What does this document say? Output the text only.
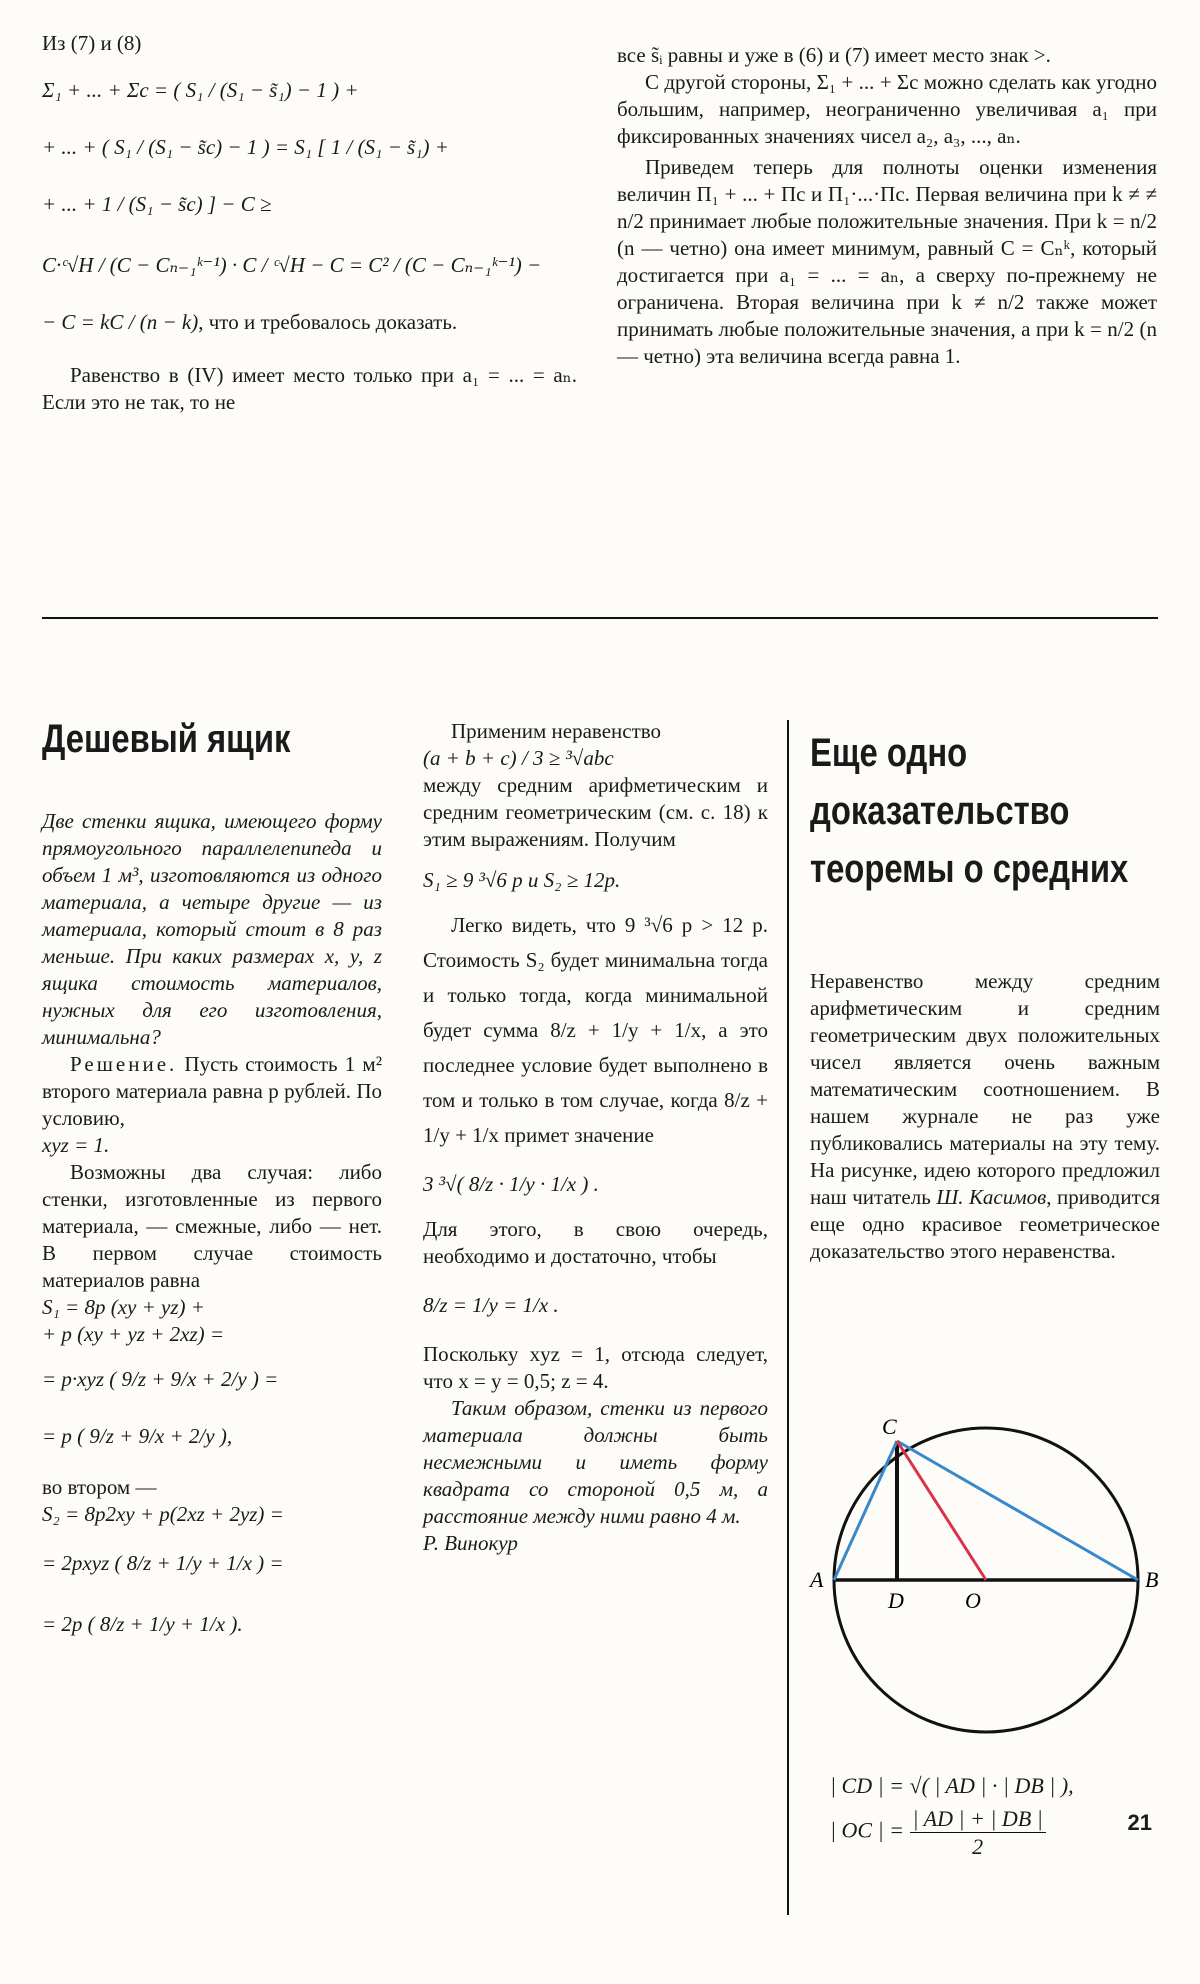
Из (7) и (8)

Σ₁ + ... + Σc = ( S₁ / (S₁ − s̃₁) − 1 ) +

+ ... + ( S₁ / (S₁ − s̃c) − 1 ) = S₁ [ 1 / (S₁ − s̃₁) +

+ ... + 1 / (S₁ − s̃c) ] − C ≥

C·ᶜ√H / (C − Cₙ₋₁ᵏ⁻¹) · C / ᶜ√H − C = C² / (C − Cₙ₋₁ᵏ⁻¹) −

− C = kC / (n − k), что и требовалось доказать.

Равенство в (IV) имеет место только при a₁ = ... = aₙ. Если это не так, то не

все s̃ᵢ равны и уже в (6) и (7) имеет место знак >.

С другой стороны, Σ₁ + ... + Σc можно сделать как угодно большим, например, неограниченно увеличивая a₁ при фиксированных значениях чисел a₂, a₃, ..., aₙ.

Приведем теперь для полноты оценки изменения величин П₁ + ... + Пc и П₁·...·Пc. Первая величина при k ≠ ≠ n/2 принимает любые положительные значения. При k = n/2 (n — четно) она имеет минимум, равный C = Cₙᵏ, который достигается при a₁ = ... = aₙ, а сверху по-прежнему не ограничена. Вторая величина при k ≠ n/2 также может принимать любые положительные значения, а при k = n/2 (n — четно) эта величина всегда равна 1.

Дешевый ящик

Две стенки ящика, имеющего форму прямоугольного параллелепипеда и объем 1 м³, изготовляются из одного материала, а четыре другие — из материала, который стоит в 8 раз меньше. При каких размерах x, y, z ящика стоимость материалов, нужных для его изготовления, минимальна?

Решение. Пусть стоимость 1 м² второго материала равна p рублей. По условию,

xyz = 1.

Возможны два случая: либо стенки, изготовленные из первого материала, — смежные, либо — нет. В первом случае стоимость материалов равна

S₁ = 8p (xy + yz) +

+ p (xy + yz + 2xz) =

= p·xyz ( 9/z + 9/x + 2/y ) =

= p ( 9/z + 9/x + 2/y ),

во втором —

S₂ = 8p2xy + p(2xz + 2yz) =

= 2pxyz ( 8/z + 1/y + 1/x ) =

= 2p ( 8/z + 1/y + 1/x ).

Применим неравенство

(a + b + c) / 3 ≥ ³√abc

между средним арифметическим и средним геометрическим (см. с. 18) к этим выражениям. Получим

S₁ ≥ 9 ³√6 p и S₂ ≥ 12p.

Легко видеть, что 9 ³√6 p > 12 p. Стоимость S₂ будет минимальна тогда и только тогда, когда минимальной будет сумма 8/z + 1/y + 1/x, а это последнее условие будет выполнено в том и только в том случае, когда 8/z + 1/y + 1/x примет значение

3 ³√( 8/z · 1/y · 1/x ) .

Для этого, в свою очередь, необходимо и достаточно, чтобы

8/z = 1/y = 1/x .

Поскольку xyz = 1, отсюда следует, что x = y = 0,5; z = 4.

Таким образом, стенки из первого материала должны быть несмежными и иметь форму квадрата со стороной 0,5 м, а расстояние между ними равно 4 м.

Р. Винокур

Еще одно
доказательство
теоремы о средних

Неравенство между средним арифметическим и средним геометрическим двух положительных чисел является очень важным математическим соотношением. В нашем журнале не раз уже публиковались материалы на эту тему. На рисунке, идею которого предложил наш читатель Ш. Касимов, приводится еще одно красивое геометрическое доказательство этого неравенства.

C
A	B
D	O

| CD | = √( | AD | · | DB | ),

| OC | = $\frac{| AD | + | DB |}{2}$	21
